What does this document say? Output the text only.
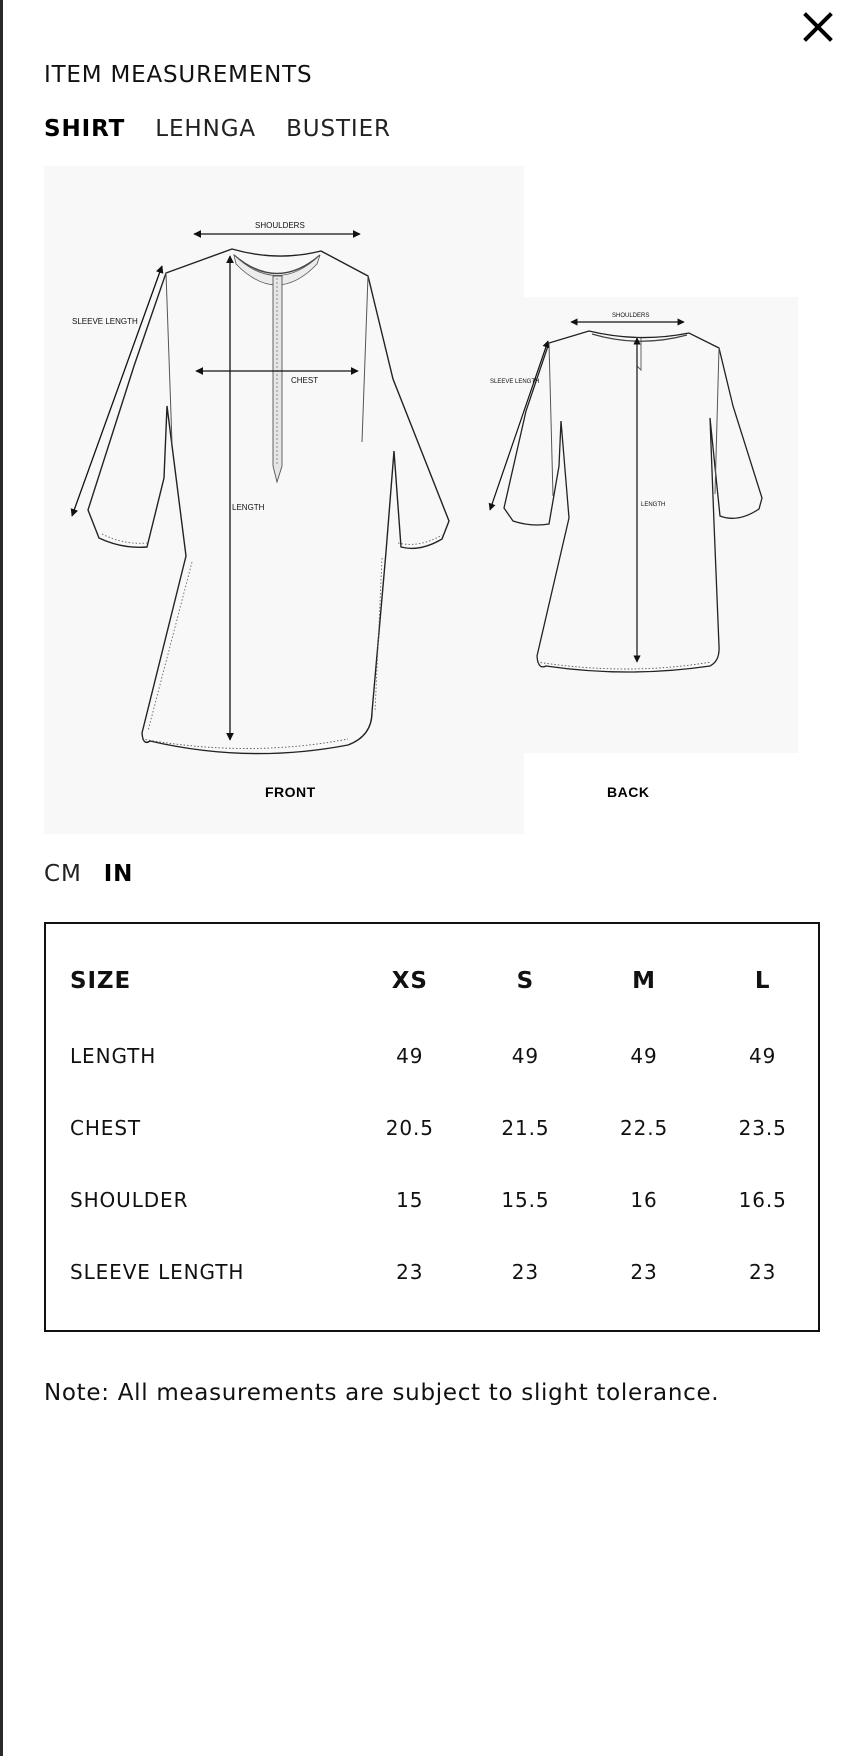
ITEM MEASUREMENTS
SHIRT LEHNGA BUSTIER
SHOULDERS
CHEST
LENGTH
SLEEVE LENGTH
SHOULDERS
LENGTH
SLEEVE LENGTH
FRONT	BACK
CM IN
SIZE	XS	S	M	L
LENGTH	49	49	49	49
CHEST	20.5	21.5	22.5	23.5
SHOULDER	15	15.5	16	16.5
SLEEVE LENGTH	23	23	23	23
Note: All measurements are subject to slight tolerance.
